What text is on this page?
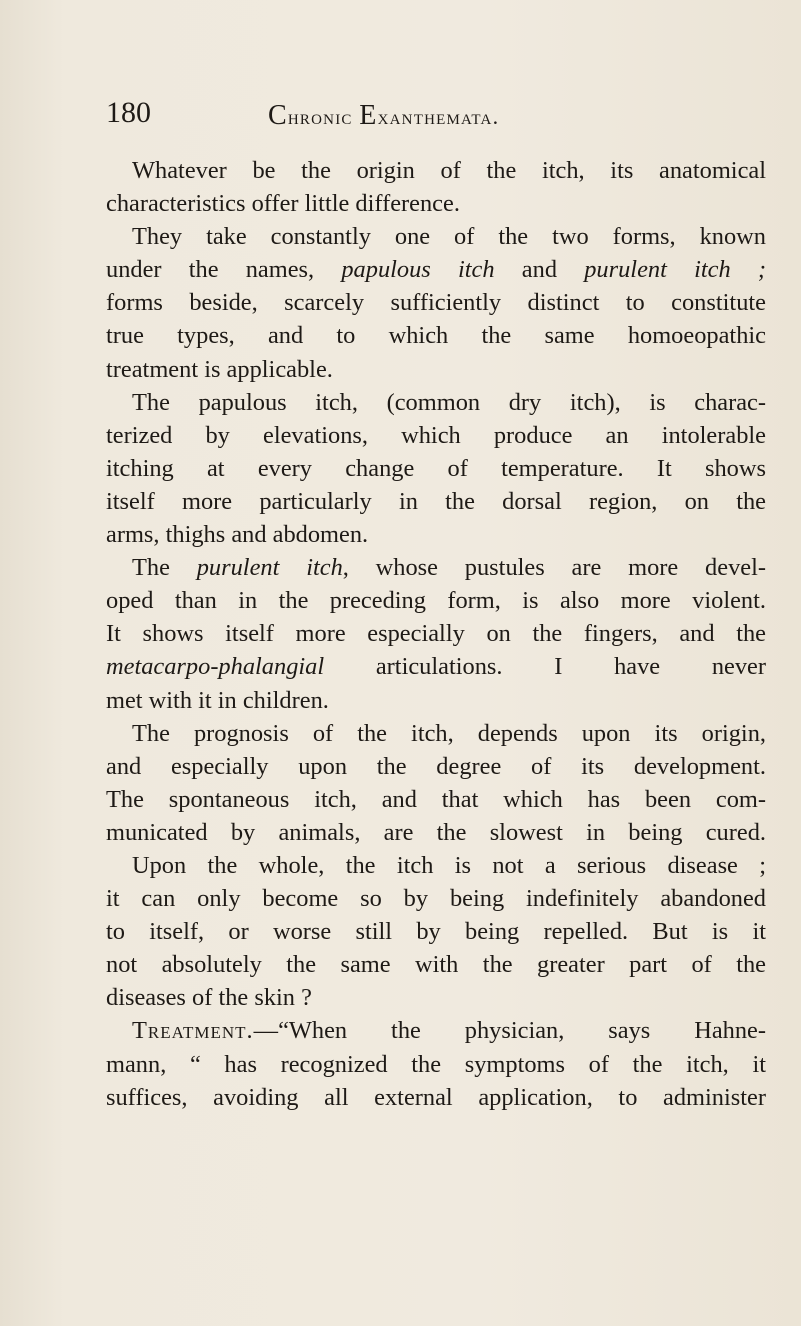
180	Chronic Exanthemata.
Whatever be the origin of the itch, its anatomical
characteristics offer little difference.
They take constantly one of the two forms, known
under the names, papulous itch and purulent itch ;
forms beside, scarcely sufficiently distinct to constitute
true types, and to which the same homoeopathic
treatment is applicable.
The papulous itch, (common dry itch), is charac-
terized by elevations, which produce an intolerable
itching at every change of temperature. It shows
itself more particularly in the dorsal region, on the
arms, thighs and abdomen.
The purulent itch, whose pustules are more devel-
oped than in the preceding form, is also more violent.
It shows itself more especially on the fingers, and the
metacarpo-phalangial articulations. I have never
met with it in children.
The prognosis of the itch, depends upon its origin,
and especially upon the degree of its development.
The spontaneous itch, and that which has been com-
municated by animals, are the slowest in being cured.
Upon the whole, the itch is not a serious disease ;
it can only become so by being indefinitely abandoned
to itself, or worse still by being repelled. But is it
not absolutely the same with the greater part of the
diseases of the skin ?
Treatment.—“When the physician, says Hahne-
mann, “ has recognized the symptoms of the itch, it
suffices, avoiding all external application, to administer
